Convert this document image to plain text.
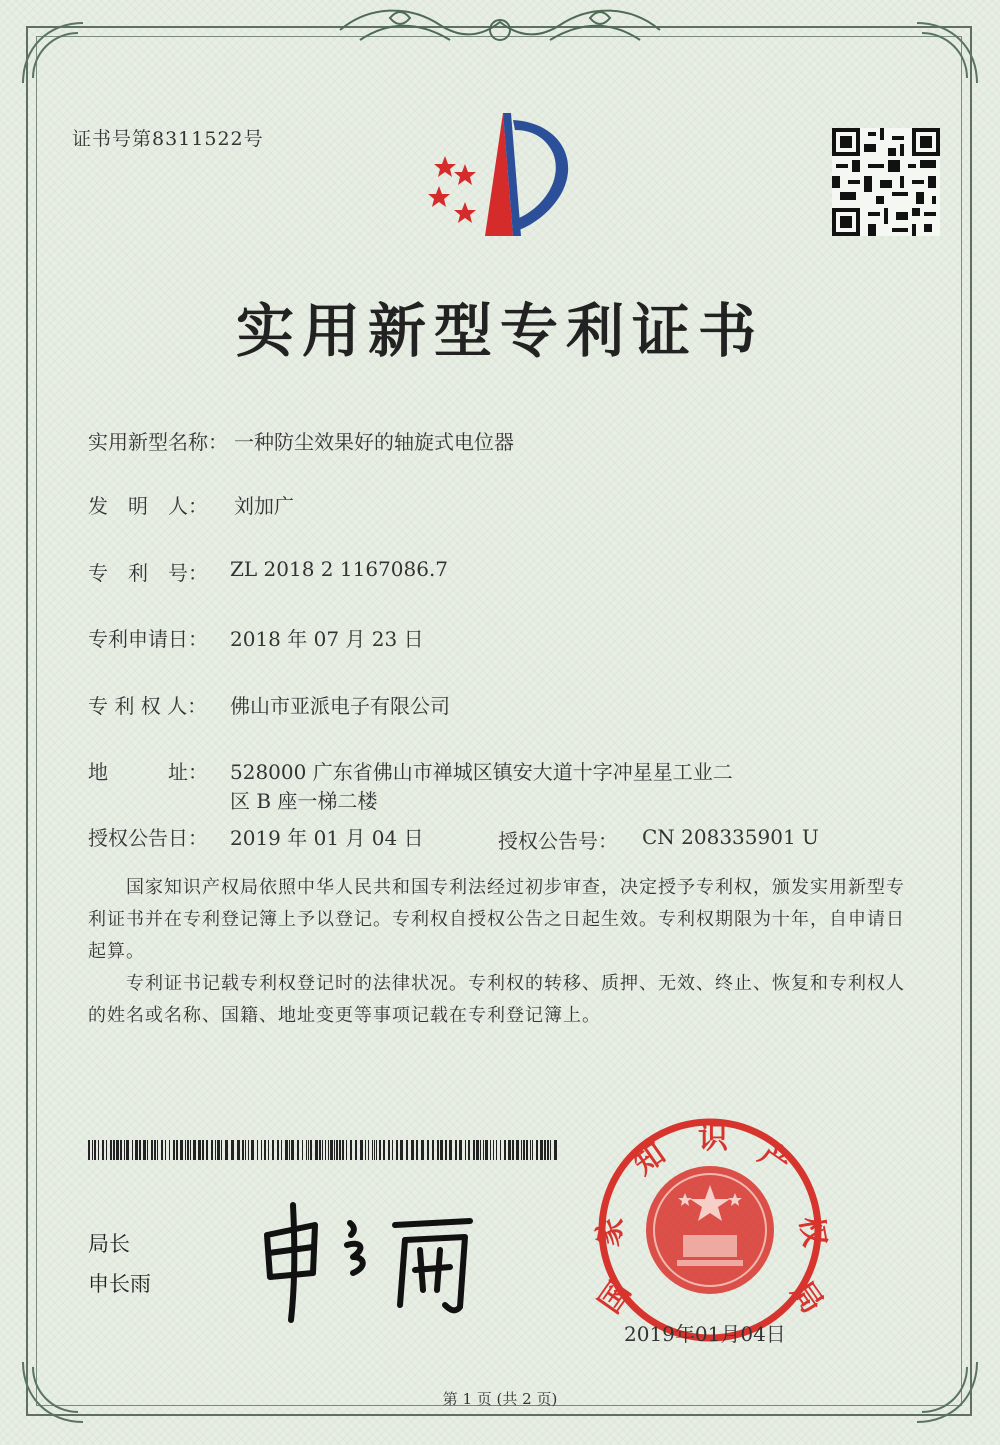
证书号第8311522号
实用新型专利证书
实用新型名称： 一种防尘效果好的轴旋式电位器
发　明　人： 刘加广
专　利　号： ZL 2018 2 1167086.7
专利申请日： 2018 年 07 月 23 日
专 利 权 人： 佛山市亚派电子有限公司
地　　　址： 528000 广东省佛山市禅城区镇安大道十字冲星星工业二
区 B 座一梯二楼
授权公告日： 2019 年 01 月 04 日	授权公告号： CN 208335901 U
　　国家知识产权局依照中华人民共和国专利法经过初步审查，决定授予专利权，颁发实用新型专利证书并在专利登记簿上予以登记。专利权自授权公告之日起生效。专利权期限为十年，自申请日起算。
　　专利证书记载专利权登记时的法律状况。专利权的转移、质押、无效、终止、恢复和专利权人的姓名或名称、国籍、地址变更等事项记载在专利登记簿上。
局长
申长雨	国
家
知 识 产
权
局
2019年01月04日
第 1 页 (共 2 页)
